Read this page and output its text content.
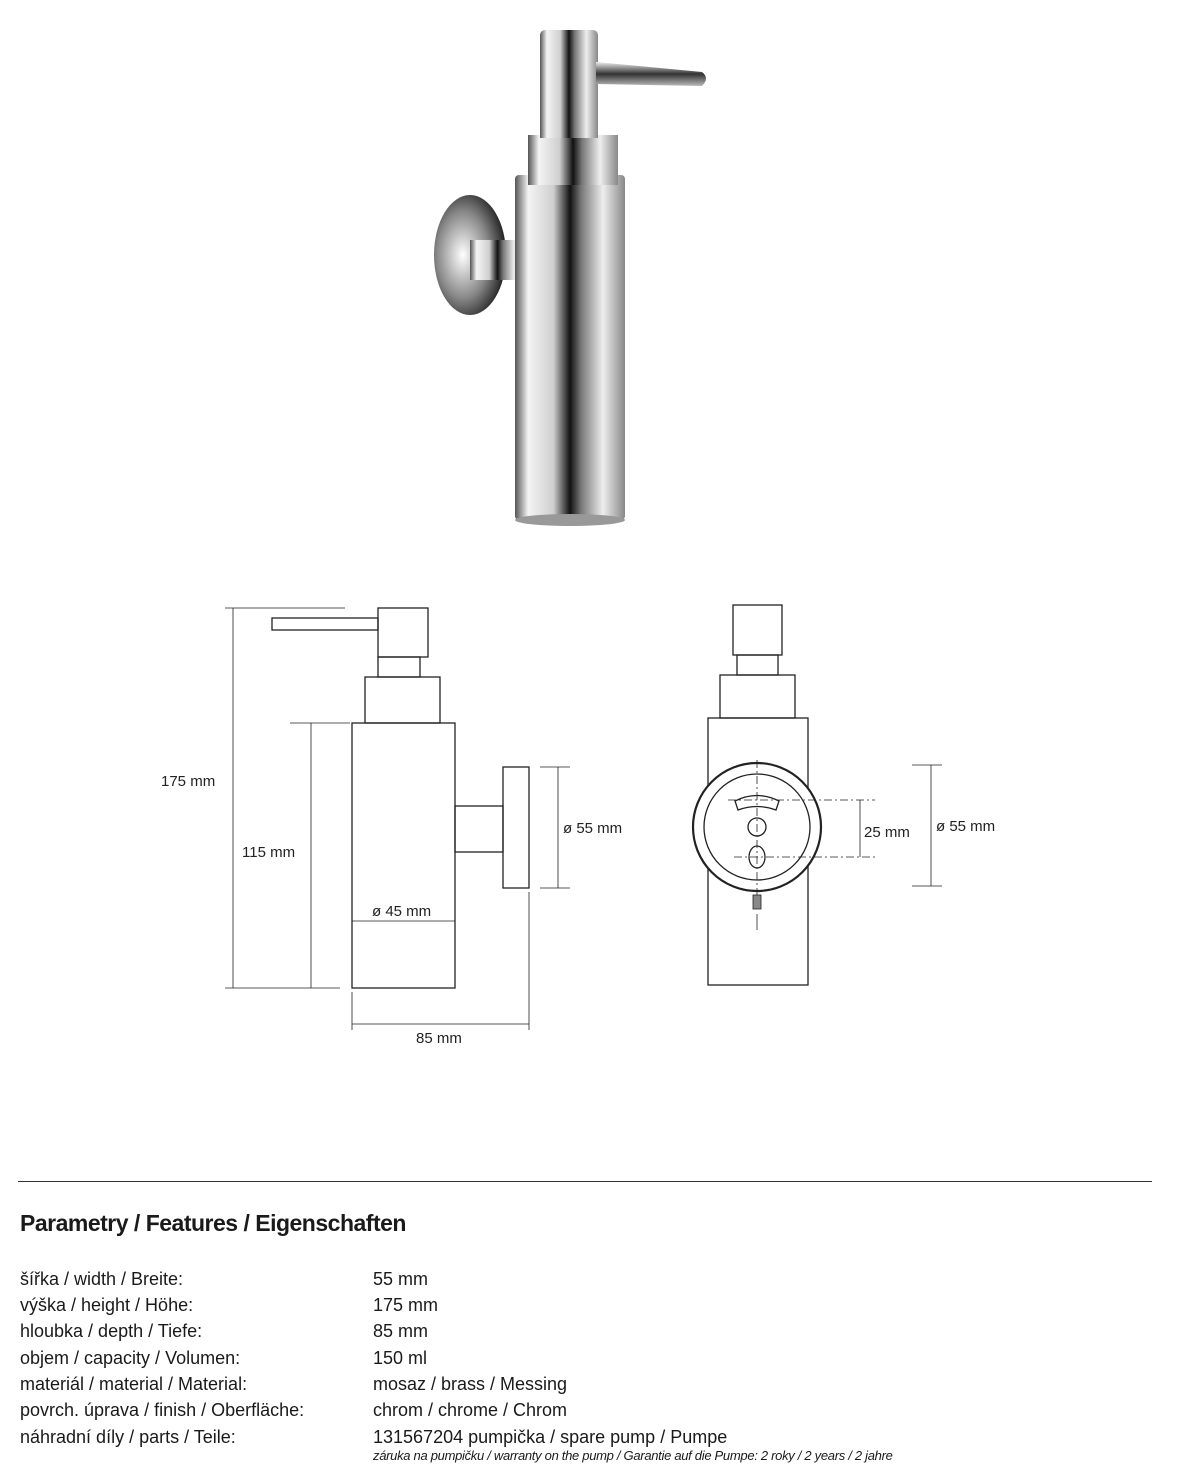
175 mm
115 mm
ø 55 mm
ø 45 mm
85 mm
25 mm ø 55 mm
Parametry / Features / Eigenschaften
šířka / width / Breite:	55 mm
výška / height / Höhe:	175 mm
hloubka / depth / Tiefe:	85 mm
objem / capacity / Volumen:	150 ml
materiál / material / Material:	mosaz / brass / Messing
povrch. úprava / finish / Oberfläche:	chrom / chrome / Chrom
náhradní díly / parts / Teile:	131567204 pumpička / spare pump / Pumpe
záruka na pumpičku / warranty on the pump / Garantie auf die Pumpe: 2 roky / 2 years / 2 jahre
